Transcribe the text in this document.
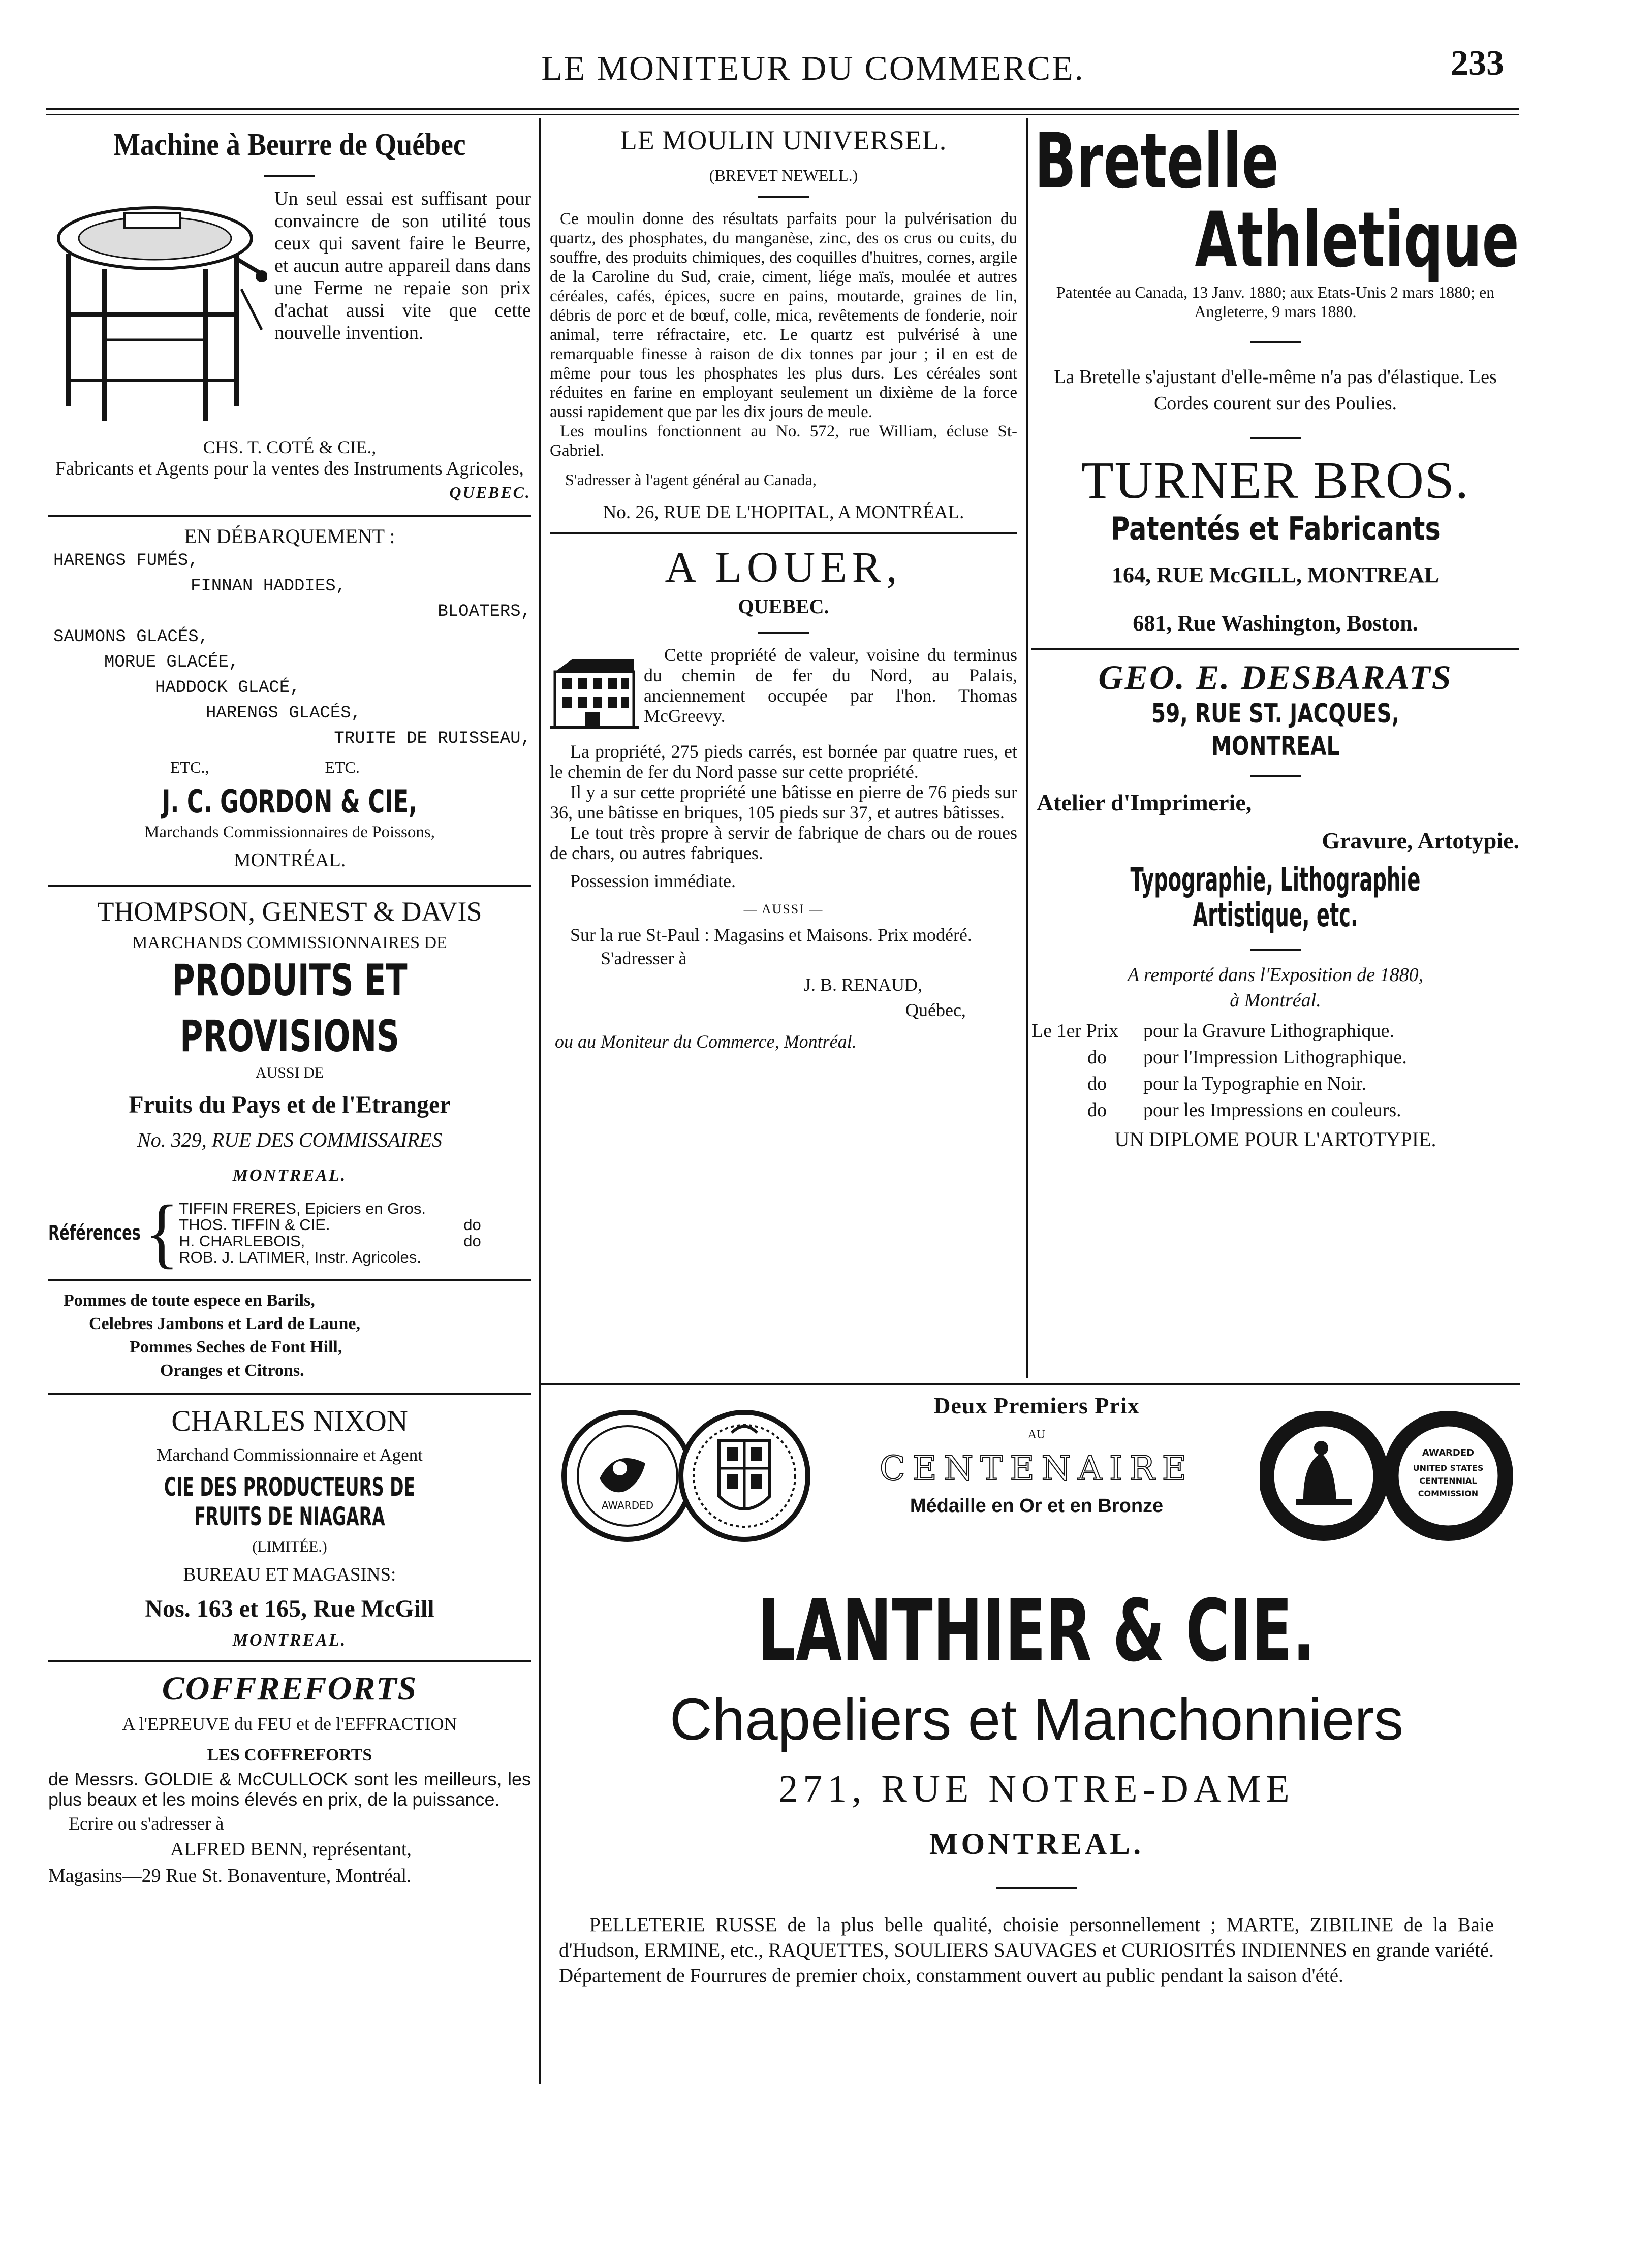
LE MONITEUR DU COMMERCE.	233
Machine à Beurre de Québec
Un seul essai est suffisant pour convaincre de son utilité tous ceux qui savent faire le Beurre, et aucun autre appareil dans dans une Ferme ne repaie son prix d'achat aussi vite que cette nouvelle invention.
CHS. T. COTÉ & CIE.,
Fabricants et Agents pour la ventes des Instruments Agricoles,
QUEBEC.
EN DÉBARQUEMENT :
HARENGS FUMÉS,
FINNAN HADDIES,
BLOATERS,
SAUMONS GLACÉS,
MORUE GLACÉE,
HADDOCK GLACÉ,
HARENGS GLACÉS,
TRUITE DE RUISSEAU,
ETC.,	ETC.
J. C. GORDON & CIE,
Marchands Commissionnaires de Poissons,
MONTRÉAL.
THOMPSON, GENEST & DAVIS
MARCHANDS COMMISSIONNAIRES DE
PRODUITS ET PROVISIONS
AUSSI DE
Fruits du Pays et de l'Etranger
No. 329, RUE DES COMMISSAIRES
MONTREAL.
Références { TIFFIN FRERES, Epiciers en Gros.
THOS. TIFFIN & CIE.	do
H. CHARLEBOIS,	do
ROB. J. LATIMER, Instr. Agricoles.
Pommes de toute espece en Barils,
Celebres Jambons et Lard de Laune,
Pommes Seches de Font Hill,
Oranges et Citrons.
CHARLES NIXON
Marchand Commissionnaire et Agent
CIE DES PRODUCTEURS DE FRUITS DE NIAGARA
(LIMITÉE.)
BUREAU ET MAGASINS:
Nos. 163 et 165, Rue McGill
MONTREAL.
COFFREFORTS
A l'EPREUVE du FEU et de l'EFFRACTION
LES COFFREFORTS
de Messrs. GOLDIE & McCULLOCK sont les meilleurs, les plus beaux et les moins élevés en prix, de la puissance.
Ecrire ou s'adresser à
ALFRED BENN, représentant,
Magasins—29 Rue St. Bonaventure, Montréal.
LE MOULIN UNIVERSEL.
(BREVET NEWELL.)
Ce moulin donne des résultats parfaits pour la pulvérisation du quartz, des phosphates, du manganèse, zinc, des os crus ou cuits, du souffre, des produits chimiques, des coquilles d'huitres, cornes, argile de la Caroline du Sud, craie, ciment, liége maïs, moulée et autres céréales, cafés, épices, sucre en pains, moutarde, graines de lin, débris de porc et de bœuf, colle, mica, revêtements de fonderie, noir animal, terre réfractaire, etc. Le quartz est pulvérisé à une remarquable finesse à raison de dix tonnes par jour ; il en est de même pour tous les phosphates les plus durs. Les céréales sont réduites en farine en employant seulement un dixième de la force aussi rapidement que par les dix jours de meule.
Les moulins fonctionnent au No. 572, rue William, écluse St-Gabriel.
S'adresser à l'agent général au Canada,
No. 26, RUE DE L'HOPITAL, A MONTRÉAL.
A LOUER,
QUEBEC.
Cette propriété de valeur, voisine du terminus du chemin de fer du Nord, au Palais, anciennement occupée par l'hon. Thomas McGreevy.
La propriété, 275 pieds carrés, est bornée par quatre rues, et le chemin de fer du Nord passe sur cette propriété.
Il y a sur cette propriété une bâtisse en pierre de 76 pieds sur 36, une bâtisse en briques, 105 pieds sur 37, et autres bâtisses.
Le tout très propre à servir de fabrique de chars ou de roues de chars, ou autres fabriques.
Possession immédiate.
— AUSSI —
Sur la rue St-Paul : Magasins et Maisons. Prix modéré.
S'adresser à
J. B. RENAUD,
Québec,
ou au Moniteur du Commerce, Montréal.
Bretelle
Athletique
Patentée au Canada, 13 Janv. 1880; aux Etats-Unis 2 mars 1880; en Angleterre, 9 mars 1880.
La Bretelle s'ajustant d'elle-même n'a pas d'élastique. Les Cordes courent sur des Poulies.
TURNER BROS.
Patentés et Fabricants
164, RUE McGILL, MONTREAL
681, Rue Washington, Boston.
GEO. E. DESBARATS
59, RUE ST. JACQUES, MONTREAL
Atelier d'Imprimerie,
Gravure, Artotypie.
Typographie, Lithographie Artistique, etc.
A remporté dans l'Exposition de 1880,
à Montréal.
Le 1er Prix	pour la Gravure Lithographique.
do	pour l'Impression Lithographique.
do	pour la Typographie en Noir.
do	pour les Impressions en couleurs.
UN DIPLOME POUR L'ARTOTYPIE.
AWARDED
Deux Premiers Prix
AU
CENTENAIRE
Médaille en Or et en Bronze
AWARDED
UNITED STATES
CENTENNIAL
COMMISSION
LANTHIER & CIE.
Chapeliers et Manchonniers
271, RUE NOTRE-DAME
MONTREAL.
PELLETERIE RUSSE de la plus belle qualité, choisie personnellement ; MARTE, ZIBILINE de la Baie d'Hudson, ERMINE, etc., RAQUETTES, SOULIERS SAUVAGES et CURIOSITÉS INDIENNES en grande variété. Département de Fourrures de premier choix, constamment ouvert au public pendant la saison d'été.
